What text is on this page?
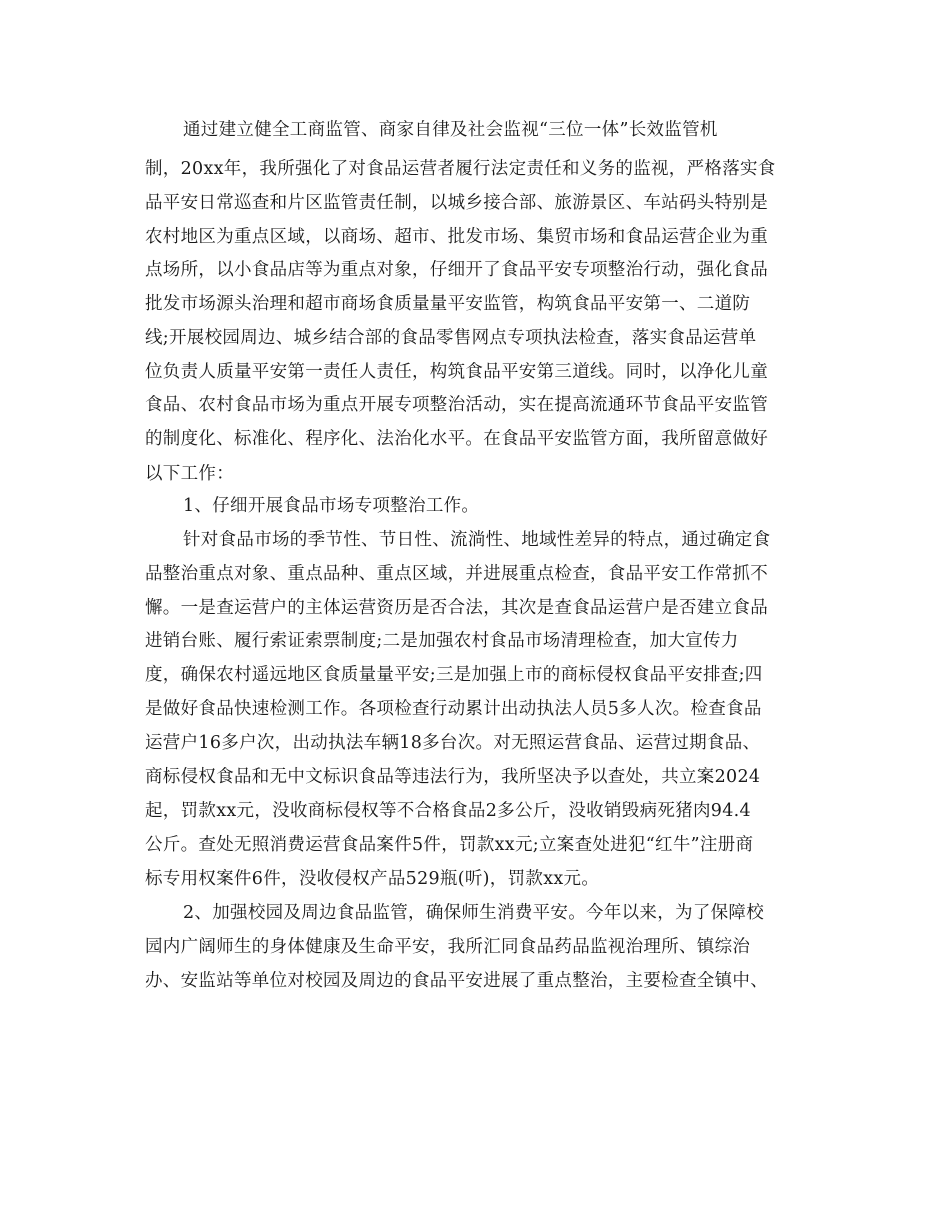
通过建立健全工商监管、商家自律及社会监视“三位一体”长效监管机

制，20xx年，我所强化了对食品运营者履行法定责任和义务的监视，严格落实食

品平安日常巡查和片区监管责任制，以城乡接合部、旅游景区、车站码头特别是

农村地区为重点区域，以商场、超市、批发市场、集贸市场和食品运营企业为重

点场所，以小食品店等为重点对象，仔细开了食品平安专项整治行动，强化食品

批发市场源头治理和超市商场食质量量平安监管，构筑食品平安第一、二道防

线;开展校园周边、城乡结合部的食品零售网点专项执法检查，落实食品运营单

位负责人质量平安第一责任人责任，构筑食品平安第三道线。同时，以净化儿童

食品、农村食品市场为重点开展专项整治活动，实在提高流通环节食品平安监管

的制度化、标准化、程序化、法治化水平。在食品平安监管方面，我所留意做好

以下工作：

1、仔细开展食品市场专项整治工作。

针对食品市场的季节性、节日性、流淌性、地域性差异的特点，通过确定食

品整治重点对象、重点品种、重点区域，并进展重点检查，食品平安工作常抓不

懈。一是查运营户的主体运营资历是否合法，其次是查食品运营户是否建立食品

进销台账、履行索证索票制度;二是加强农村食品市场清理检查，加大宣传力

度，确保农村遥远地区食质量量平安;三是加强上市的商标侵权食品平安排查;四

是做好食品快速检测工作。各项检查行动累计出动执法人员5多人次。检查食品

运营户16多户次，出动执法车辆18多台次。对无照运营食品、运营过期食品、

商标侵权食品和无中文标识食品等违法行为，我所坚决予以查处，共立案2024

起，罚款xx元，没收商标侵权等不合格食品2多公斤，没收销毁病死猪肉94.4

公斤。查处无照消费运营食品案件5件，罚款xx元;立案查处进犯“红牛”注册商

标专用权案件6件，没收侵权产品529瓶(听)，罚款xx元。

2、加强校园及周边食品监管，确保师生消费平安。今年以来，为了保障校

园内广阔师生的身体健康及生命平安，我所汇同食品药品监视治理所、镇综治

办、安监站等单位对校园及周边的食品平安进展了重点整治，主要检查全镇中、
